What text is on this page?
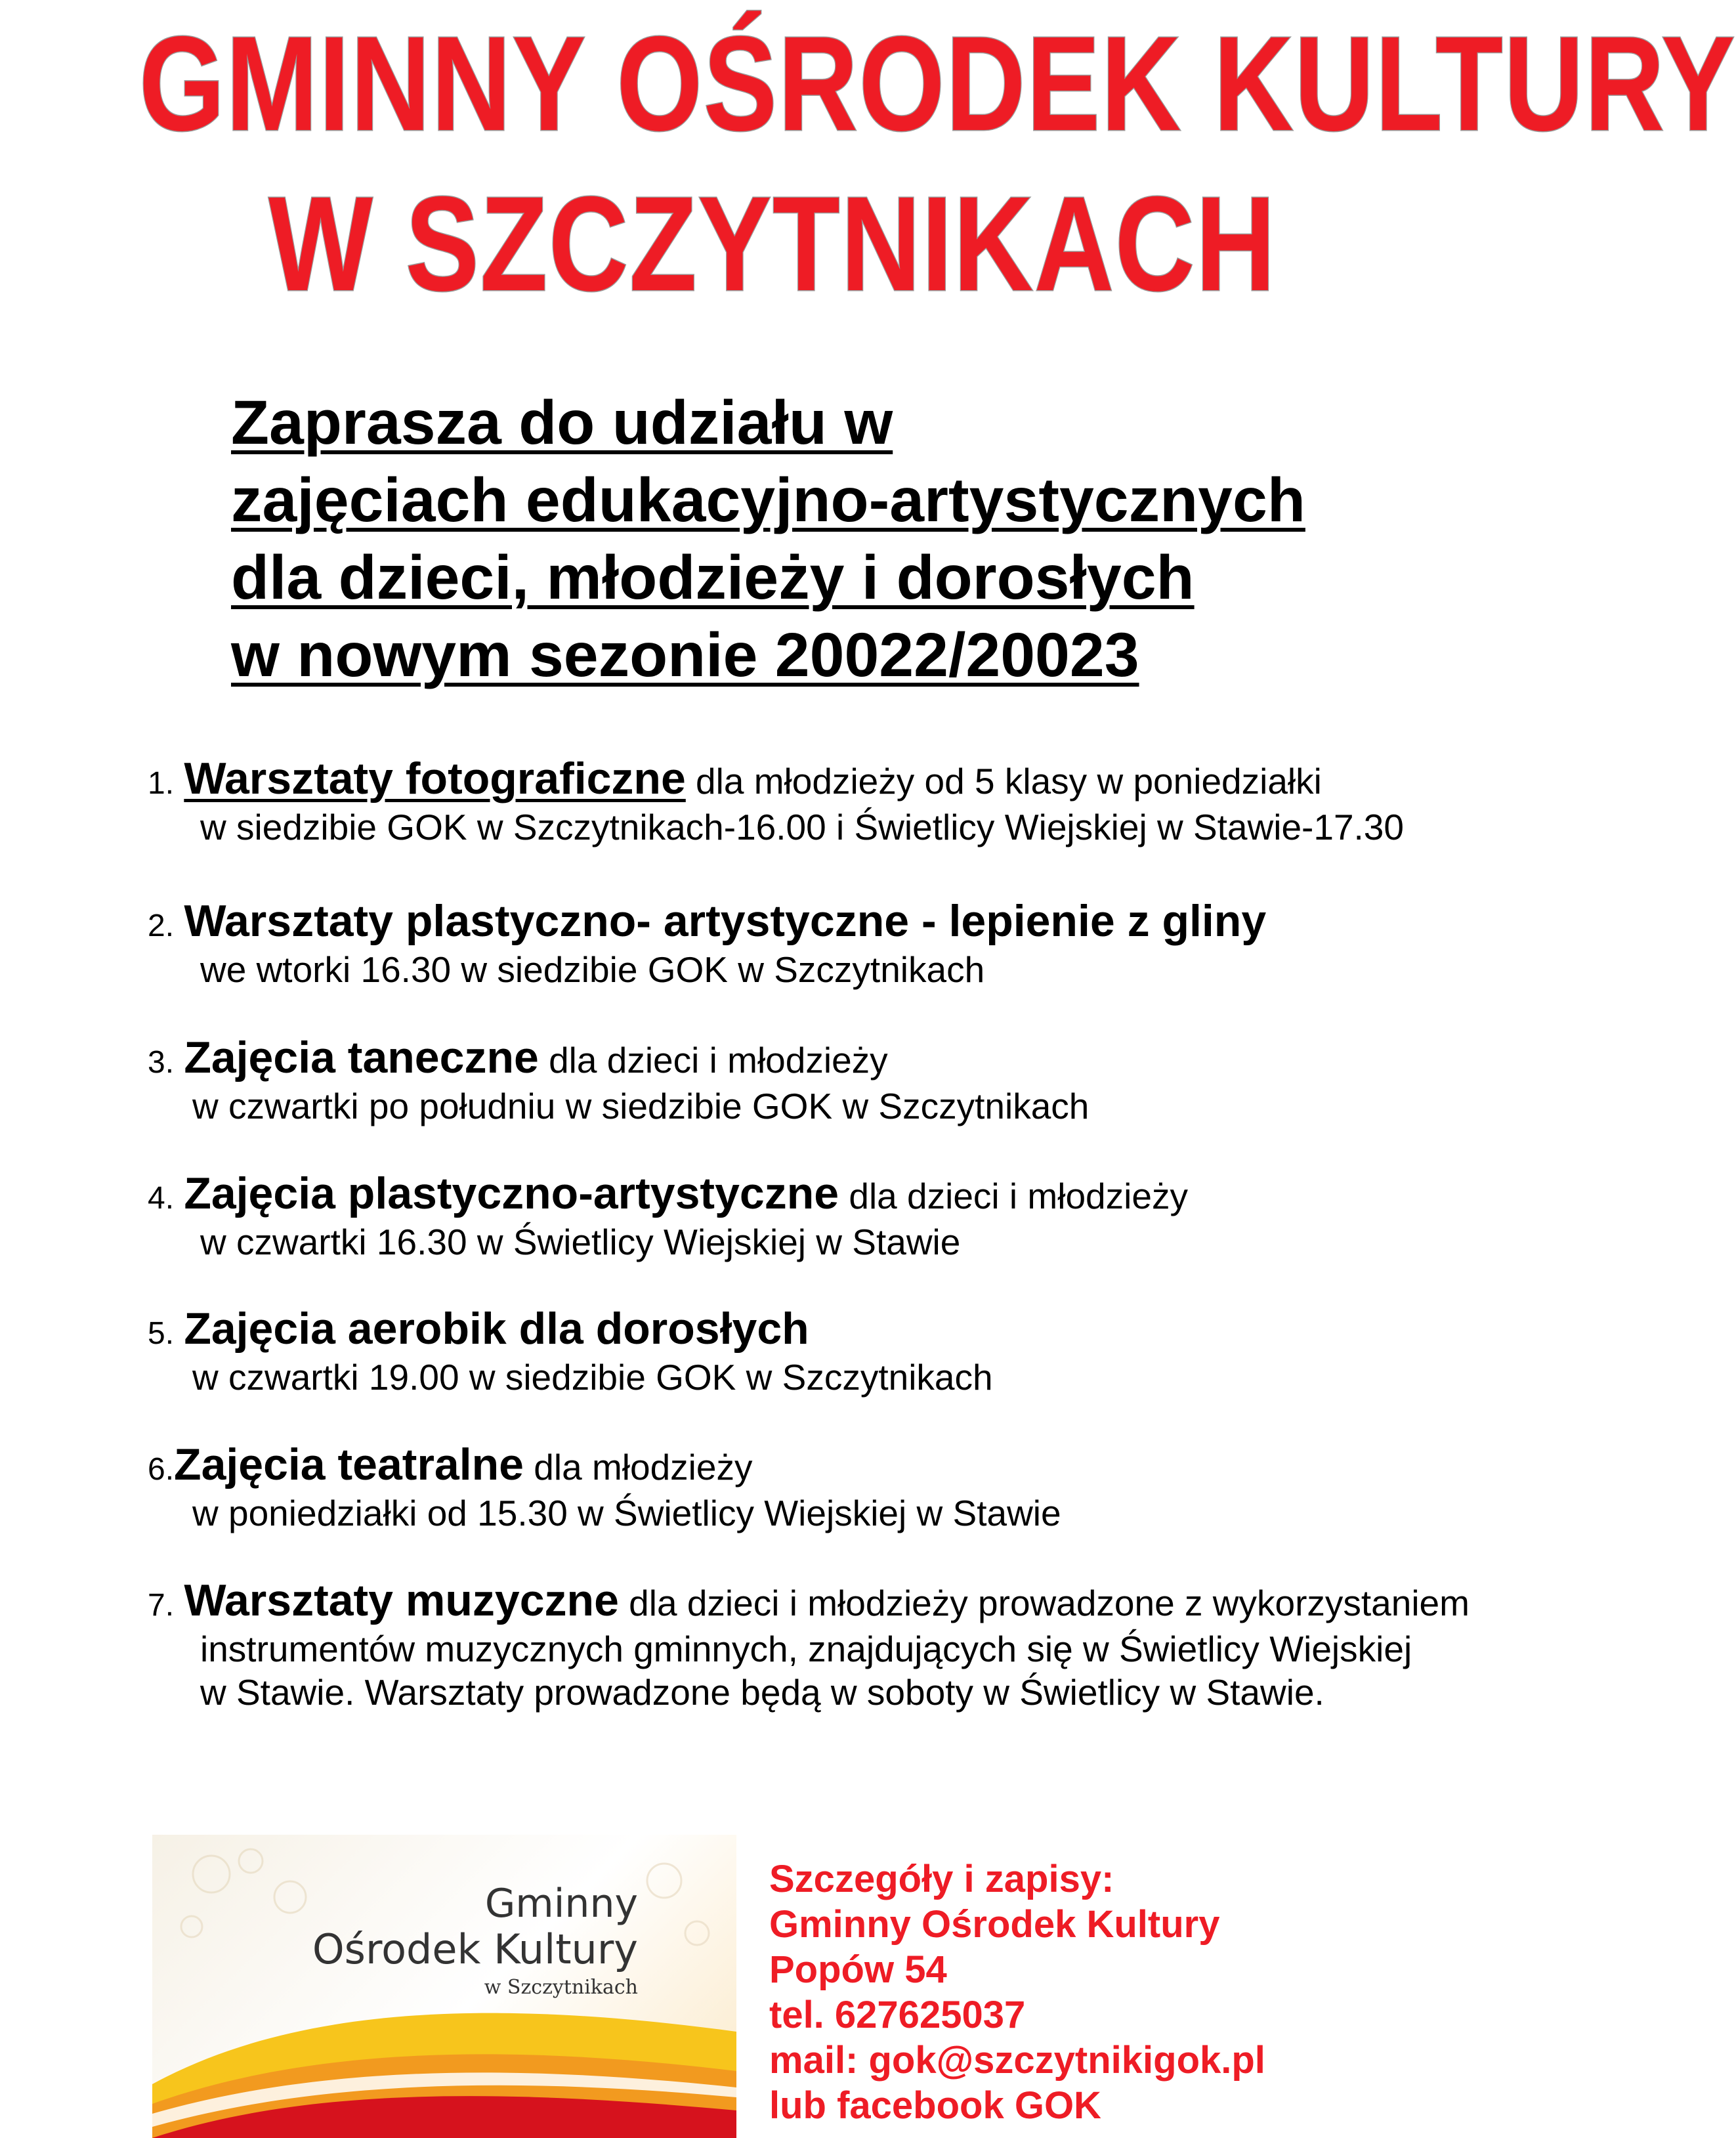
GMINNY OŚRODEK KULTURY
W SZCZYTNIKACH
Zaprasza do udziału w
zajęciach edukacyjno-artystycznych
dla dzieci, młodzieży i dorosłych
w nowym sezonie 20022/20023
1. Warsztaty fotograficzne dla młodzieży od 5 klasy w poniedziałki
w siedzibie GOK w Szczytnikach-16.00 i Świetlicy Wiejskiej w Stawie-17.30
2. Warsztaty plastyczno- artystyczne - lepienie z gliny
we wtorki 16.30 w siedzibie GOK w Szczytnikach
3. Zajęcia taneczne dla dzieci i młodzieży
w czwartki po południu w siedzibie GOK w Szczytnikach
4. Zajęcia plastyczno-artystyczne dla dzieci i młodzieży
w czwartki 16.30 w Świetlicy Wiejskiej w Stawie
5. Zajęcia aerobik dla dorosłych
w czwartki 19.00 w siedzibie GOK w Szczytnikach
6.Zajęcia teatralne dla młodzieży
w poniedziałki od 15.30 w Świetlicy Wiejskiej w Stawie
7. Warsztaty muzyczne dla dzieci i młodzieży prowadzone z wykorzystaniem
instrumentów muzycznych gminnych, znajdujących się w Świetlicy Wiejskiej
w Stawie. Warsztaty prowadzone będą w soboty w Świetlicy w Stawie.
Gminny
Ośrodek Kultury
w Szczytnikach
Szczegóły i zapisy:
Gminny Ośrodek Kultury
Popów 54
tel. 627625037
mail: gok@szczytnikigok.pl
lub facebook GOK
